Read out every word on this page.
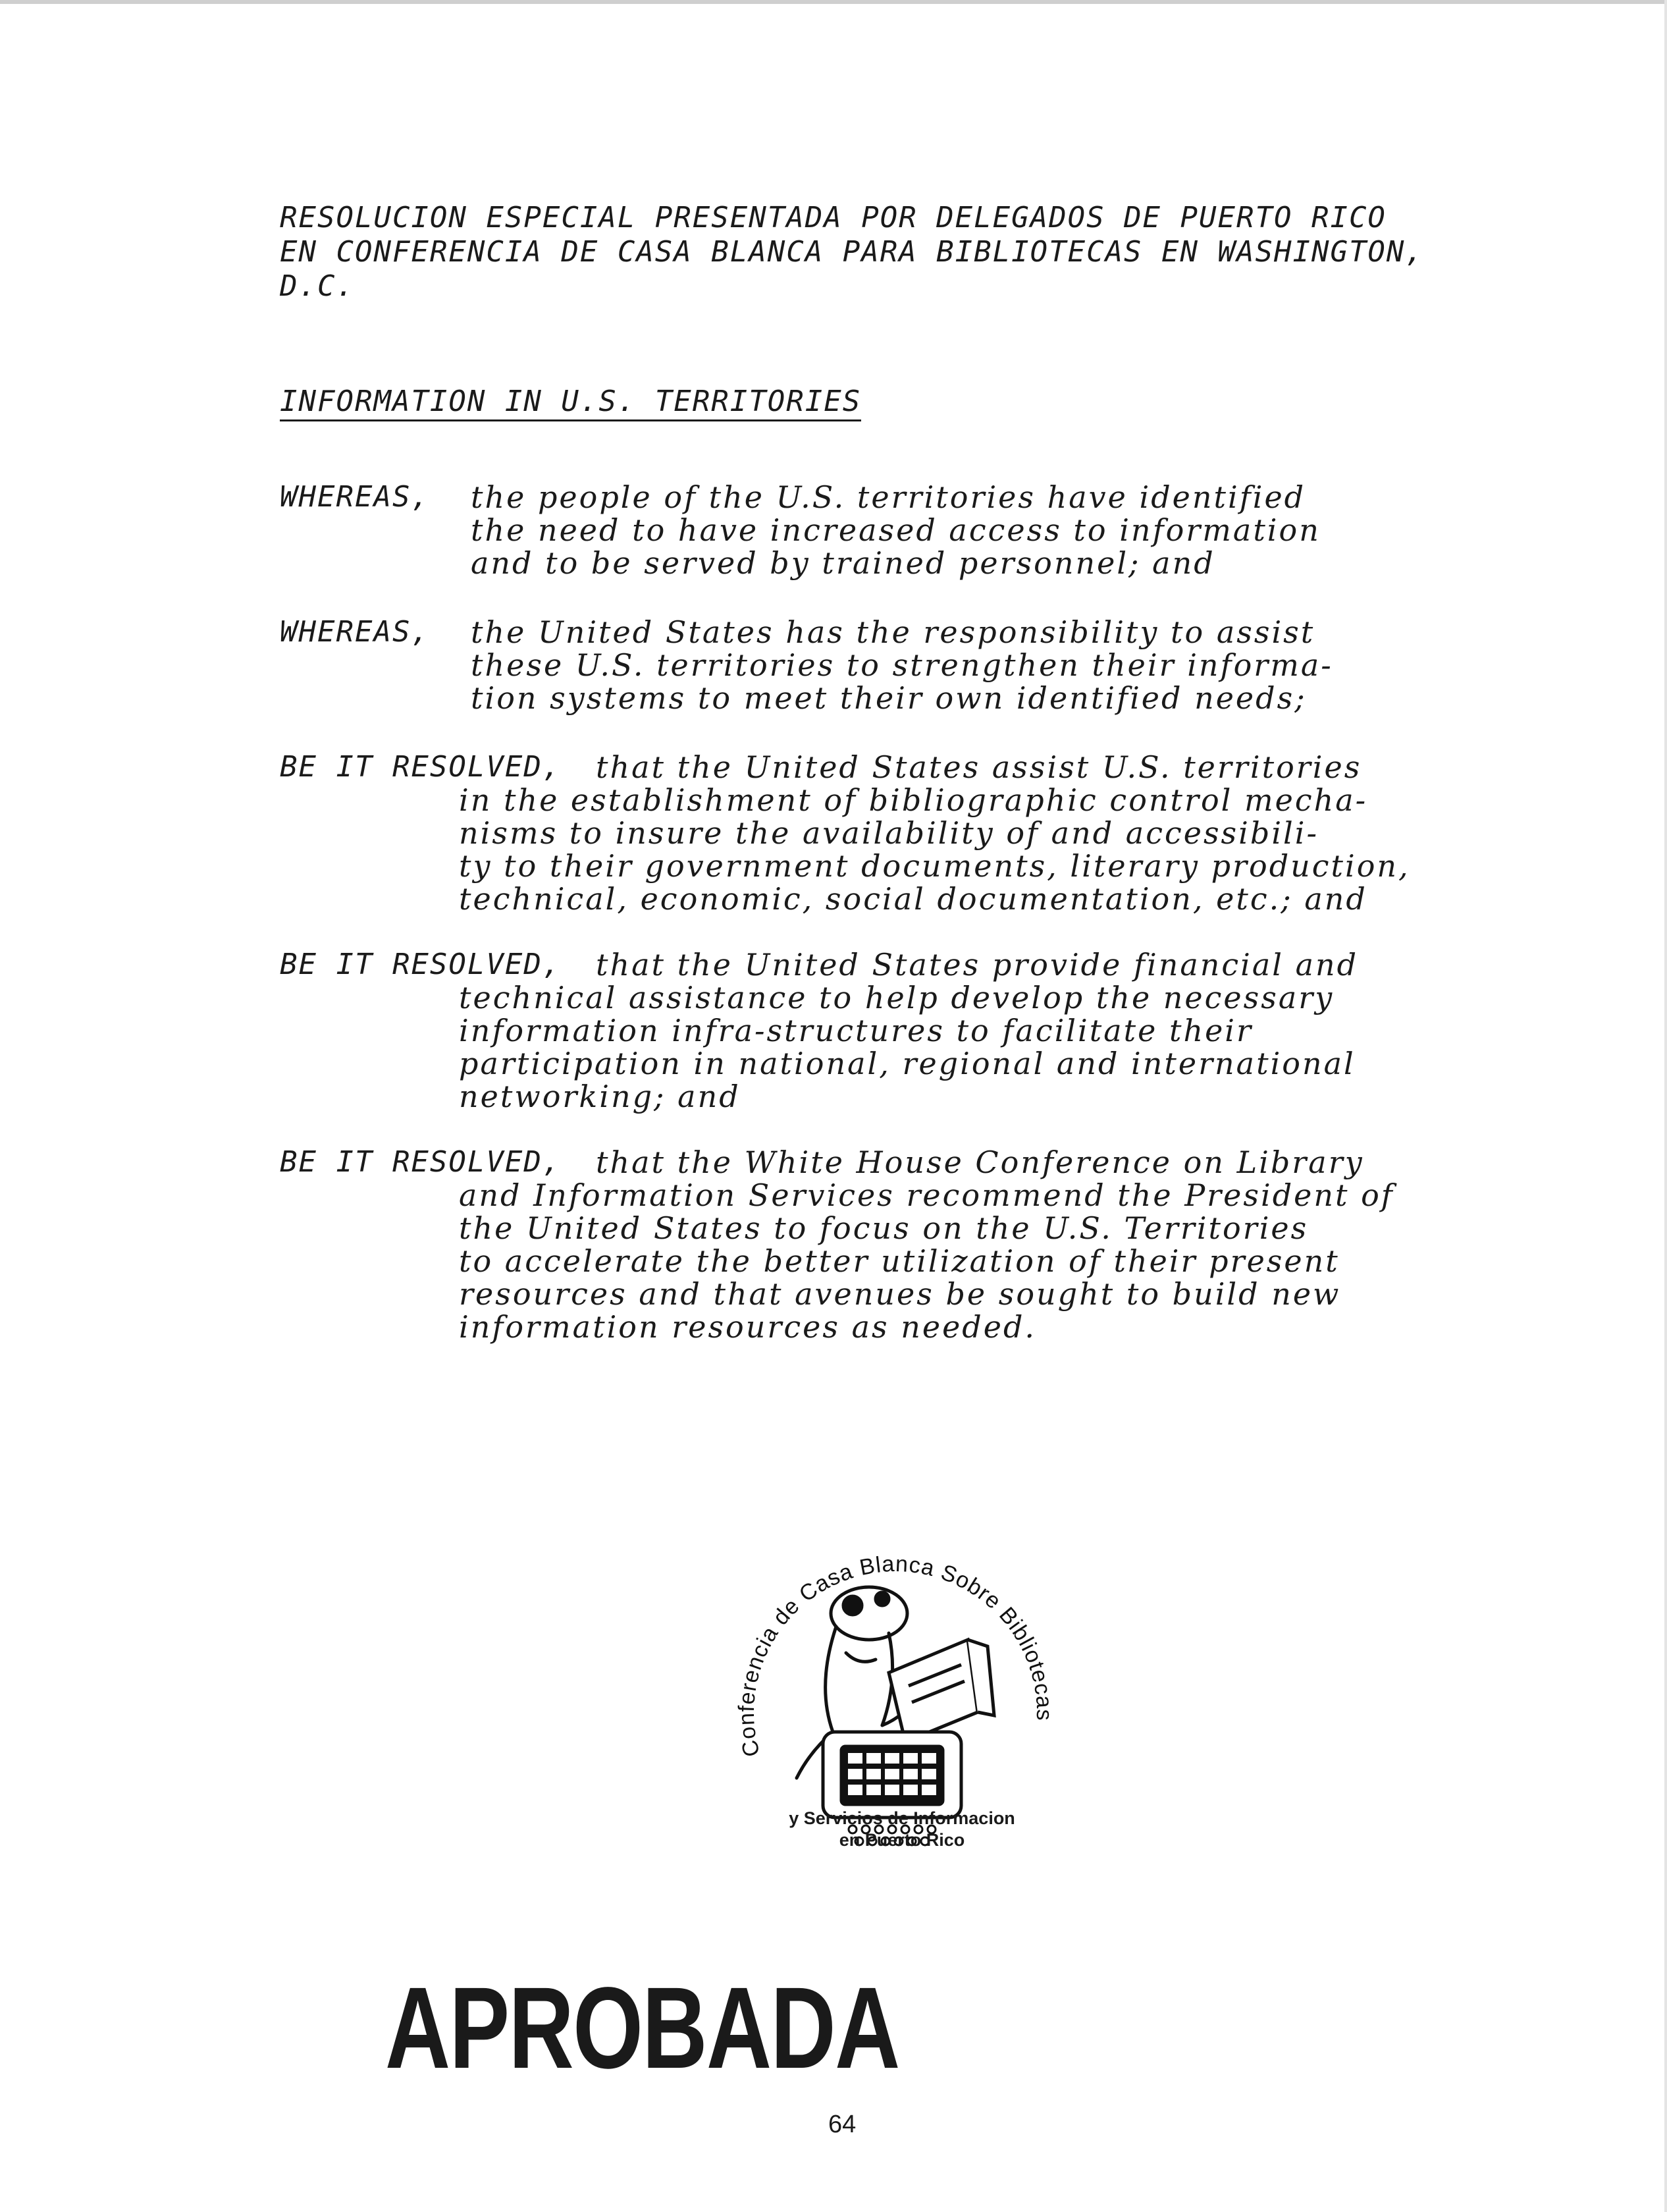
RESOLUCION ESPECIAL PRESENTADA POR DELEGADOS DE PUERTO RICO
EN CONFERENCIA DE CASA BLANCA PARA BIBLIOTECAS EN WASHINGTON,
D.C.
INFORMATION IN U.S. TERRITORIES
WHEREAS, the people of the U.S. territories have identified
the need to have increased access to information
and to be served by trained personnel; and
WHEREAS, the United States has the responsibility to assist
these U.S. territories to strengthen their informa-
tion systems to meet their own identified needs;
BE IT RESOLVED, that the United States assist U.S. territories
in the establishment of bibliographic control mecha-
nisms to insure the availability of and accessibili-
ty to their government documents, literary production,
technical, economic, social documentation, etc.; and
BE IT RESOLVED, that the United States provide financial and
technical assistance to help develop the necessary
information infra-structures to facilitate their
participation in national, regional and international
networking; and
BE IT RESOLVED, that the White House Conference on Library
and Information Services recommend the President of
the United States to focus on the U.S. Territories
to accelerate the better utilization of their present
resources and that avenues be sought to build new
information resources as needed.
Conferencia de Casa Blanca Sobre Bibliotecas
y Servicios de Informacion
en Puerto Rico
APROBADA
64
